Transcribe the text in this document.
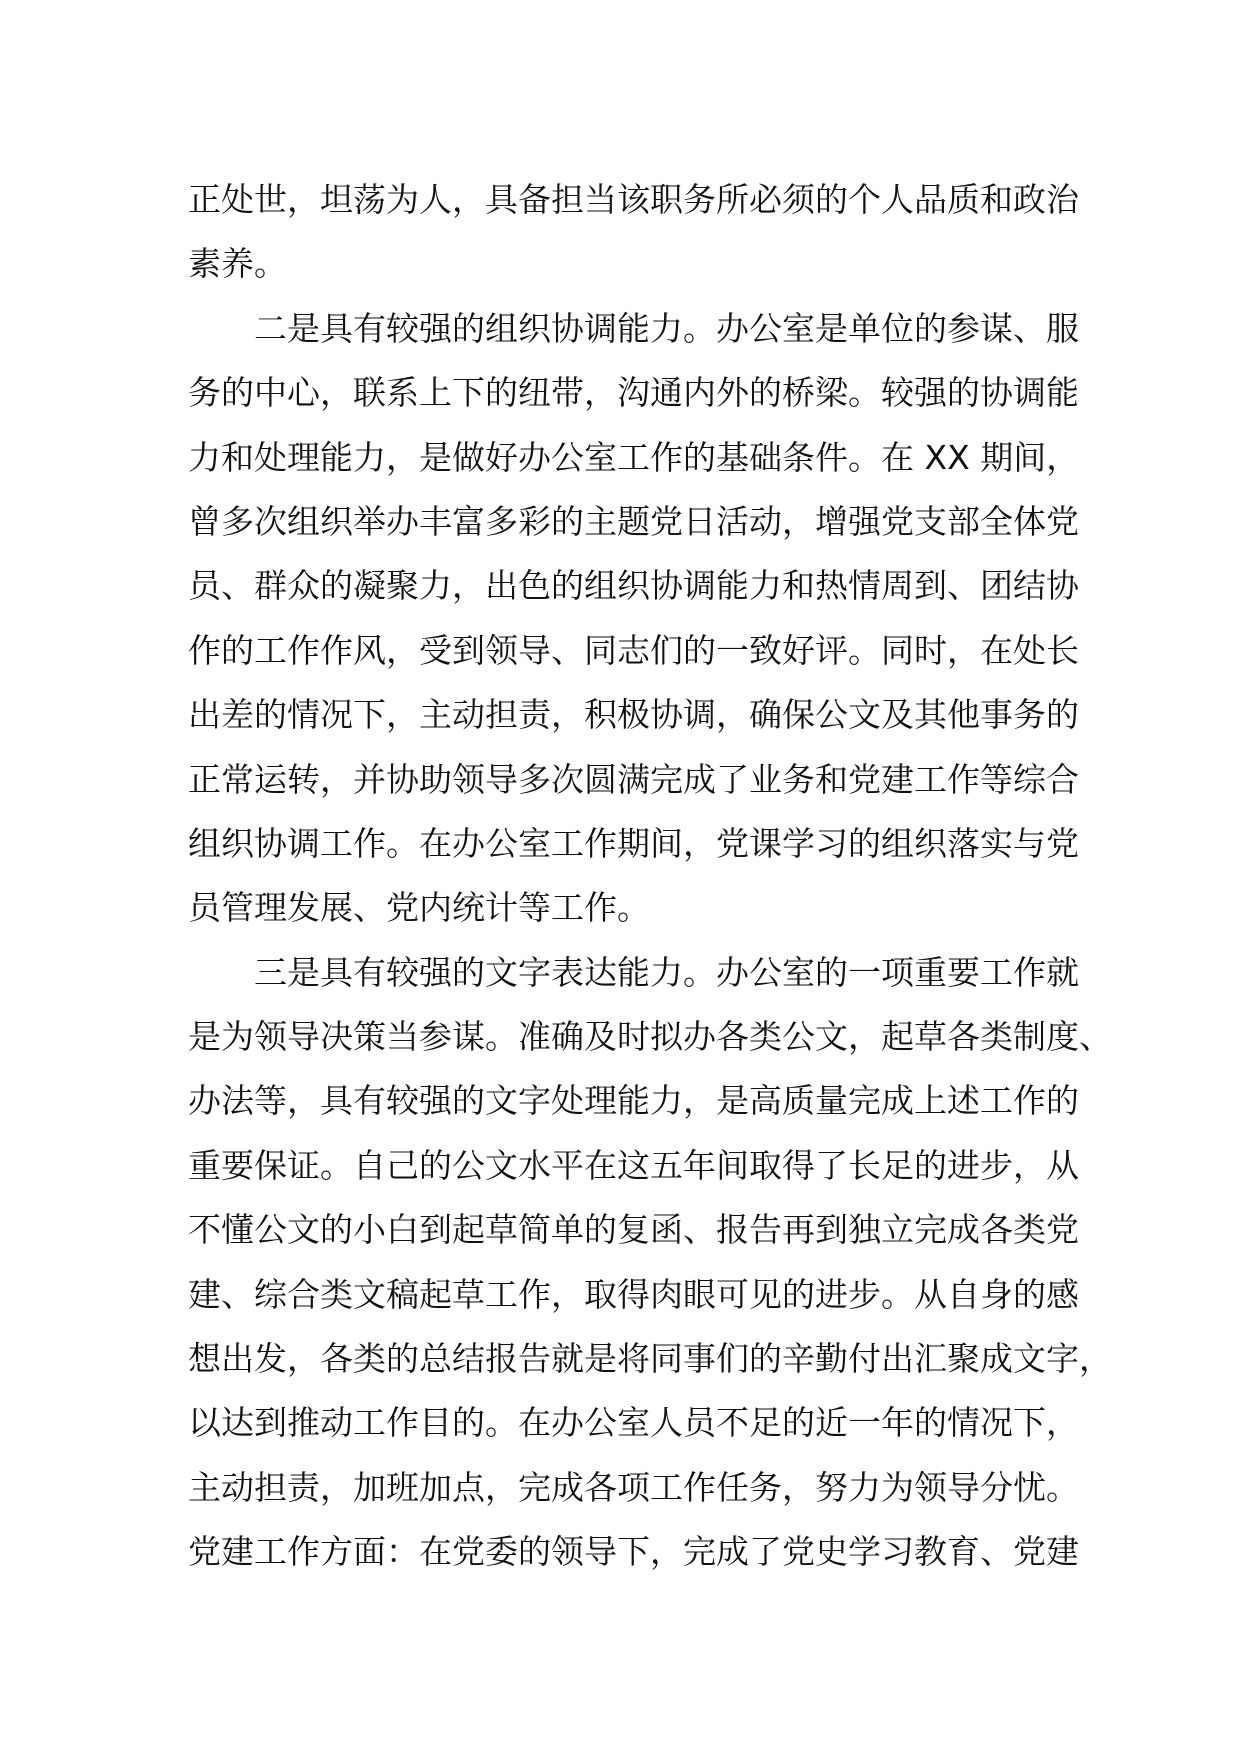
正处世，坦荡为人，具备担当该职务所必须的个人品质和政治
素养。
二是具有较强的组织协调能力。办公室是单位的参谋、服
务的中心，联系上下的纽带，沟通内外的桥梁。较强的协调能
力和处理能力，是做好办公室工作的基础条件。在 XX 期间，
曾多次组织举办丰富多彩的主题党日活动，增强党支部全体党
员、群众的凝聚力，出色的组织协调能力和热情周到、团结协
作的工作作风，受到领导、同志们的一致好评。同时，在处长
出差的情况下，主动担责，积极协调，确保公文及其他事务的
正常运转，并协助领导多次圆满完成了业务和党建工作等综合
组织协调工作。在办公室工作期间，党课学习的组织落实与党
员管理发展、党内统计等工作。
三是具有较强的文字表达能力。办公室的一项重要工作就
是为领导决策当参谋。准确及时拟办各类公文，起草各类制度、
办法等，具有较强的文字处理能力，是高质量完成上述工作的
重要保证。自己的公文水平在这五年间取得了长足的进步，从
不懂公文的小白到起草简单的复函、报告再到独立完成各类党
建、综合类文稿起草工作，取得肉眼可见的进步。从自身的感
想出发，各类的总结报告就是将同事们的辛勤付出汇聚成文字，
以达到推动工作目的。在办公室人员不足的近一年的情况下，
主动担责，加班加点，完成各项工作任务，努力为领导分忧。
党建工作方面：在党委的领导下，完成了党史学习教育、党建
